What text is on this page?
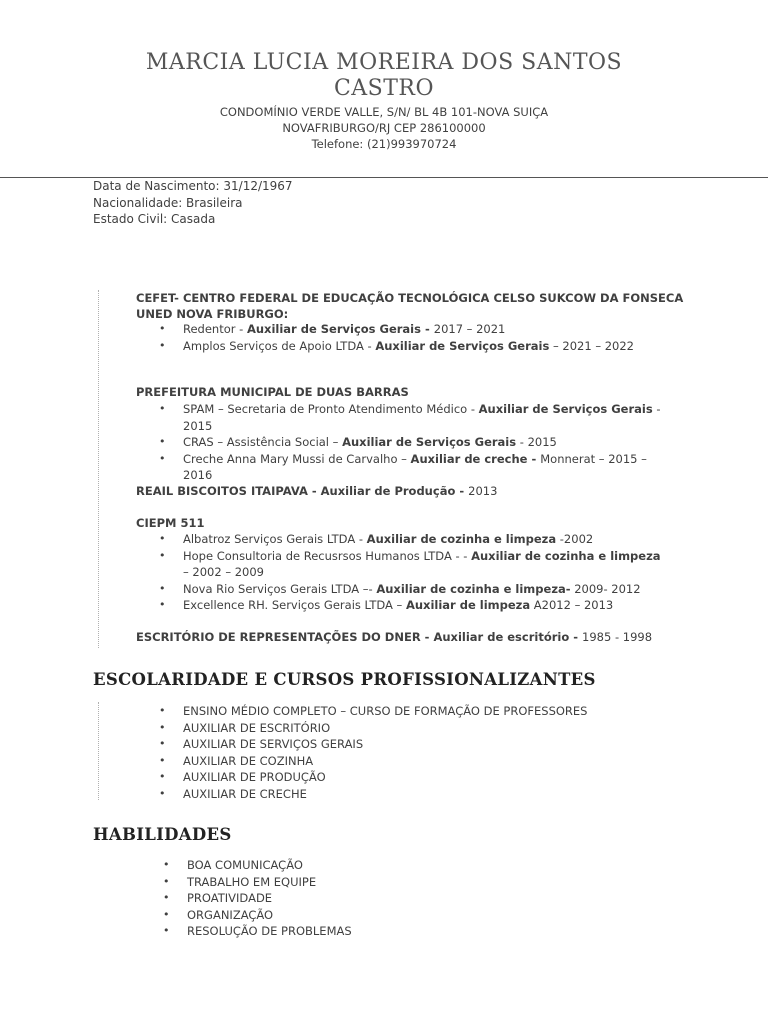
MARCIA LUCIA MOREIRA DOS SANTOS CASTRO
CONDOMÍNIO VERDE VALLE, S/N/ BL 4B 101-NOVA SUIÇA
NOVAFRIBURGO/RJ CEP 286100000
Telefone: (21)993970724
Data de Nascimento: 31/12/1967
Nacionalidade: Brasileira
Estado Civil: Casada
CEFET- CENTRO FEDERAL DE EDUCAÇÃO TECNOLÓGICA CELSO SUKCOW DA FONSECA UNED NOVA FRIBURGO:
• Redentor - Auxiliar de Serviços Gerais - 2017 – 2021
• Amplos Serviços de Apoio LTDA - Auxiliar de Serviços Gerais – 2021 – 2022
PREFEITURA MUNICIPAL DE DUAS BARRAS
• SPAM – Secretaria de Pronto Atendimento Médico - Auxiliar de Serviços Gerais - 2015
• CRAS – Assistência Social – Auxiliar de Serviços Gerais - 2015
• Creche Anna Mary Mussi de Carvalho – Auxiliar de creche - Monnerat – 2015 – 2016
REAIL BISCOITOS ITAIPAVA - Auxiliar de Produção - 2013
CIEPM 511
• Albatroz Serviços Gerais LTDA - Auxiliar de cozinha e limpeza -2002
• Hope Consultoria de Recusrsos Humanos LTDA - - Auxiliar de cozinha e limpeza – 2002 – 2009
• Nova Rio Serviços Gerais LTDA –- Auxiliar de cozinha e limpeza- 2009- 2012
• Excellence RH. Serviços Gerais LTDA – Auxiliar de limpeza A2012 – 2013
ESCRITÓRIO DE REPRESENTAÇÕES DO DNER - Auxiliar de escritório - 1985 - 1998
ESCOLARIDADE E CURSOS PROFISSIONALIZANTES
• ENSINO MÉDIO COMPLETO – CURSO DE FORMAÇÃO DE PROFESSORES
• AUXILIAR DE ESCRITÓRIO
• AUXILIAR DE SERVIÇOS GERAIS
• AUXILIAR DE COZINHA
• AUXILIAR DE PRODUÇÃO
• AUXILIAR DE CRECHE
HABILIDADES
• BOA COMUNICAÇÃO
• TRABALHO EM EQUIPE
• PROATIVIDADE
• ORGANIZAÇÃO
• RESOLUÇÃO DE PROBLEMAS
